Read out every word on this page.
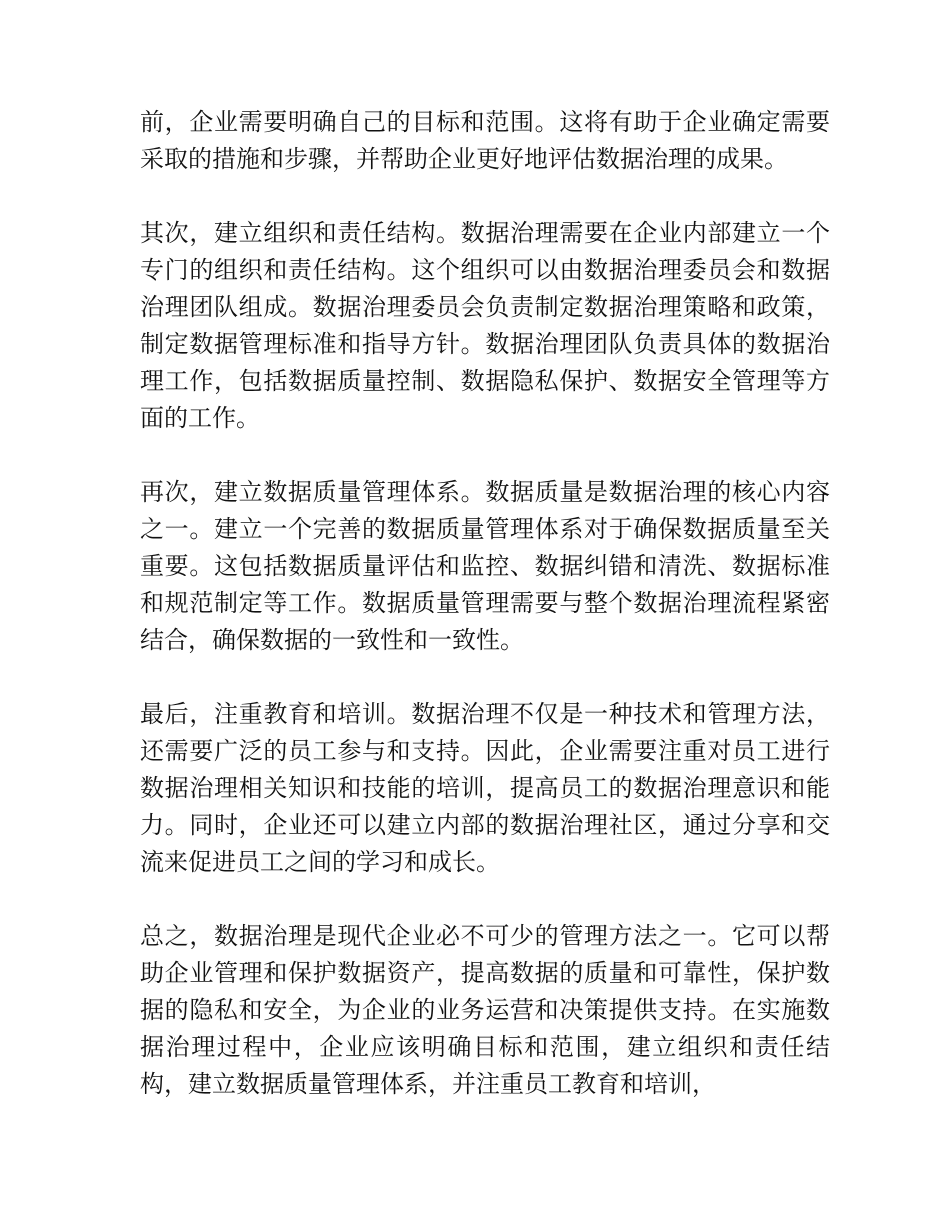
前，企业需要明确自己的目标和范围。这将有助于企业确定需要采取的措施和步骤，并帮助企业更好地评估数据治理的成果。

其次，建立组织和责任结构。数据治理需要在企业内部建立一个专门的组织和责任结构。这个组织可以由数据治理委员会和数据治理团队组成。数据治理委员会负责制定数据治理策略和政策，制定数据管理标准和指导方针。数据治理团队负责具体的数据治理工作，包括数据质量控制、数据隐私保护、数据安全管理等方面的工作。

再次，建立数据质量管理体系。数据质量是数据治理的核心内容之一。建立一个完善的数据质量管理体系对于确保数据质量至关重要。这包括数据质量评估和监控、数据纠错和清洗、数据标准和规范制定等工作。数据质量管理需要与整个数据治理流程紧密结合，确保数据的一致性和一致性。

最后，注重教育和培训。数据治理不仅是一种技术和管理方法，还需要广泛的员工参与和支持。因此，企业需要注重对员工进行数据治理相关知识和技能的培训，提高员工的数据治理意识和能力。同时，企业还可以建立内部的数据治理社区，通过分享和交流来促进员工之间的学习和成长。

总之，数据治理是现代企业必不可少的管理方法之一。它可以帮助企业管理和保护数据资产，提高数据的质量和可靠性，保护数据的隐私和安全，为企业的业务运营和决策提供支持。在实施数据治理过程中，企业应该明确目标和范围，建立组织和责任结构，建立数据质量管理体系，并注重员工教育和培训，
